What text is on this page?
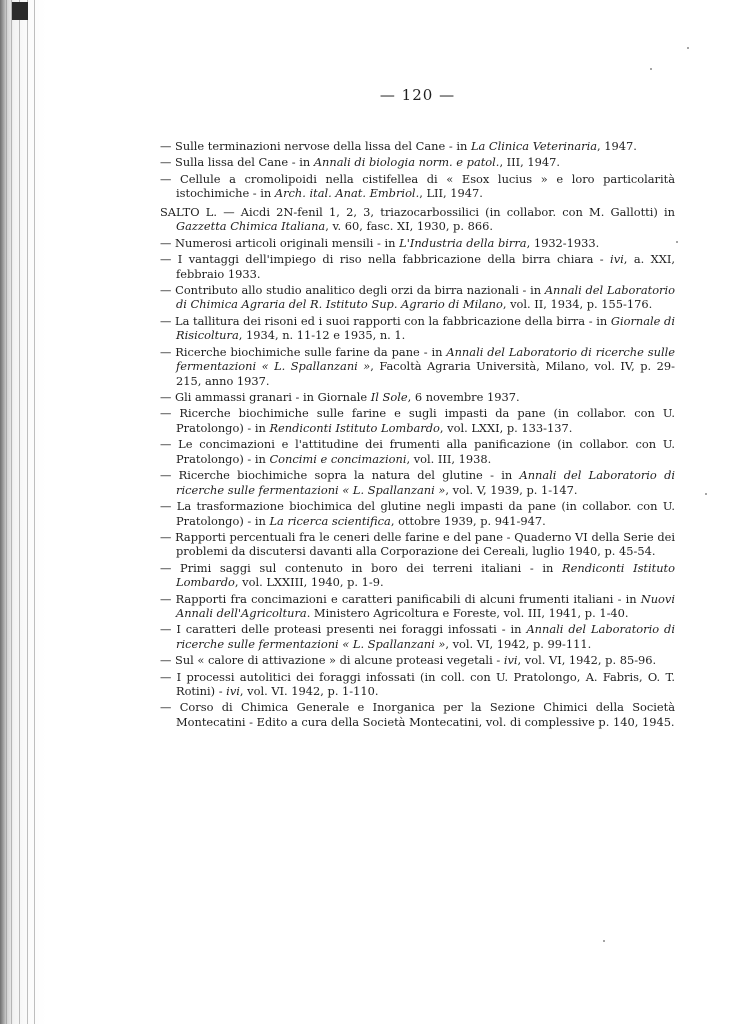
— 120 —

— Sulle terminazioni nervose della lissa del Cane - in La Clinica Veterinaria, 1947.

— Sulla lissa del Cane - in Annali di biologia norm. e patol., III, 1947.

— Cellule a cromolipoidi nella cistifellea di « Esox lucius » e loro particolarità istochimiche - in Arch. ital. Anat. Embriol., LII, 1947.

SALTO L. — Aicdi 2N-fenil 1, 2, 3, triazocarbossilici (in collabor. con M. Gallotti) in Gazzetta Chimica Italiana, v. 60, fasc. XI, 1930, p. 866.

— Numerosi articoli originali mensili - in L'Industria della birra, 1932-1933.

— I vantaggi dell'impiego di riso nella fabbricazione della birra chiara - ivi, a. XXI, febbraio 1933.

— Contributo allo studio analitico degli orzi da birra nazionali - in Annali del Laboratorio di Chimica Agraria del R. Istituto Sup. Agrario di Milano, vol. II, 1934, p. 155-176.

— La tallitura dei risoni ed i suoi rapporti con la fabbricazione della birra - in Giornale di Risicoltura, 1934, n. 11-12 e 1935, n. 1.

— Ricerche biochimiche sulle farine da pane - in Annali del Laboratorio di ricerche sulle fermentazioni « L. Spallanzani », Facoltà Agraria Università, Milano, vol. IV, p. 29-215, anno 1937.

— Gli ammassi granari - in Giornale Il Sole, 6 novembre 1937.

— Ricerche biochimiche sulle farine e sugli impasti da pane (in collabor. con U. Pratolongo) - in Rendiconti Istituto Lombardo, vol. LXXI, p. 133-137.

— Le concimazioni e l'attitudine dei frumenti alla panificazione (in collabor. con U. Pratolongo) - in Concimi e concimazioni, vol. III, 1938.

— Ricerche biochimiche sopra la natura del glutine - in Annali del Laboratorio di ricerche sulle fermentazioni « L. Spallanzani », vol. V, 1939, p. 1-147.

— La trasformazione biochimica del glutine negli impasti da pane (in collabor. con U. Pratolongo) - in La ricerca scientifica, ottobre 1939, p. 941-947.

— Rapporti percentuali fra le ceneri delle farine e del pane - Quaderno VI della Serie dei problemi da discutersi davanti alla Corporazione dei Cereali, luglio 1940, p. 45-54.

— Primi saggi sul contenuto in boro dei terreni italiani - in Rendiconti Istituto Lombardo, vol. LXXIII, 1940, p. 1-9.

— Rapporti fra concimazioni e caratteri panificabili di alcuni frumenti italiani - in Nuovi Annali dell'Agricoltura. Ministero Agricoltura e Foreste, vol. III, 1941, p. 1-40.

— I caratteri delle proteasi presenti nei foraggi infossati - in Annali del Laboratorio di ricerche sulle fermentazioni « L. Spallanzani », vol. VI, 1942, p. 99-111.

— Sul « calore di attivazione » di alcune proteasi vegetali - ivi, vol. VI, 1942, p. 85-96.

— I processi autolitici dei foraggi infossati (in coll. con U. Pratolongo, A. Fabris, O. T. Rotini) - ivi, vol. VI. 1942, p. 1-110.

— Corso di Chimica Generale e Inorganica per la Sezione Chimici della Società Montecatini - Edito a cura della Società Montecatini, vol. di complessive p. 140, 1945.
